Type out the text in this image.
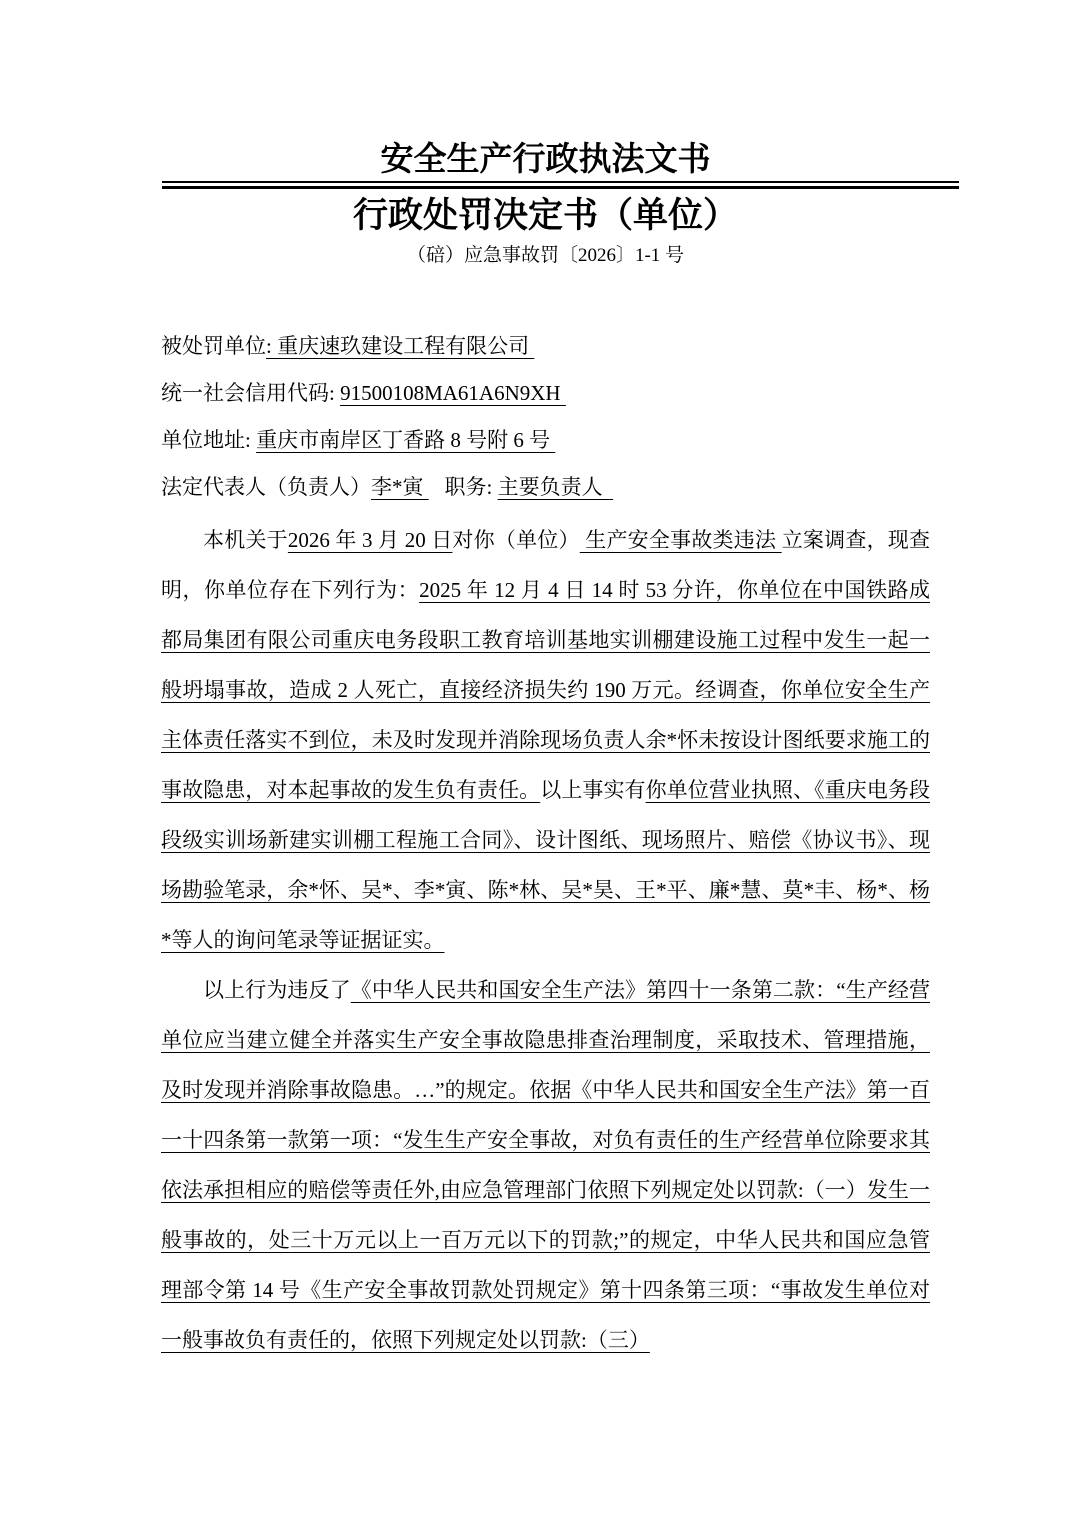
安全生产行政执法文书
行政处罚决定书（单位）
（碚）应急事故罚〔2026〕1-1 号
被处罚单位: 重庆速玖建设工程有限公司
统一社会信用代码: 91500108MA61A6N9XH
单位地址: 重庆市南岸区丁香路 8 号附 6 号
法定代表人（负责人）李*寅    职务: 主要负责人

本机关于2026 年 3 月 20 日对你（单位） 生产安全事故类违法 立案调查，现查明，你单位存在下列行为：2025 年 12 月 4 日 14 时 53 分许，你单位在中国铁路成都局集团有限公司重庆电务段职工教育培训基地实训棚建设施工过程中发生一起一般坍塌事故，造成 2 人死亡，直接经济损失约 190 万元。经调查，你单位安全生产主体责任落实不到位，未及时发现并消除现场负责人余*怀未按设计图纸要求施工的事故隐患，对本起事故的发生负有责任。以上事实有你单位营业执照、《重庆电务段段级实训场新建实训棚工程施工合同》、设计图纸、现场照片、赔偿《协议书》、现场勘验笔录，余*怀、吴*、李*寅、陈*林、吴*昊、王*平、廉*慧、莫*丰、杨*、杨*等人的询问笔录等证据证实。

以上行为违反了《中华人民共和国安全生产法》第四十一条第二款：“生产经营单位应当建立健全并落实生产安全事故隐患排查治理制度，采取技术、管理措施，及时发现并消除事故隐患。…”的规定。依据《中华人民共和国安全生产法》第一百一十四条第一款第一项：“发生生产安全事故，对负有责任的生产经营单位除要求其依法承担相应的赔偿等责任外,由应急管理部门依照下列规定处以罚款:（一）发生一般事故的，处三十万元以上一百万元以下的罚款;”的规定，中华人民共和国应急管理部令第 14 号《生产安全事故罚款处罚规定》第十四条第三项：“事故发生单位对一般事故负有责任的，依照下列规定处以罚款:（三）
